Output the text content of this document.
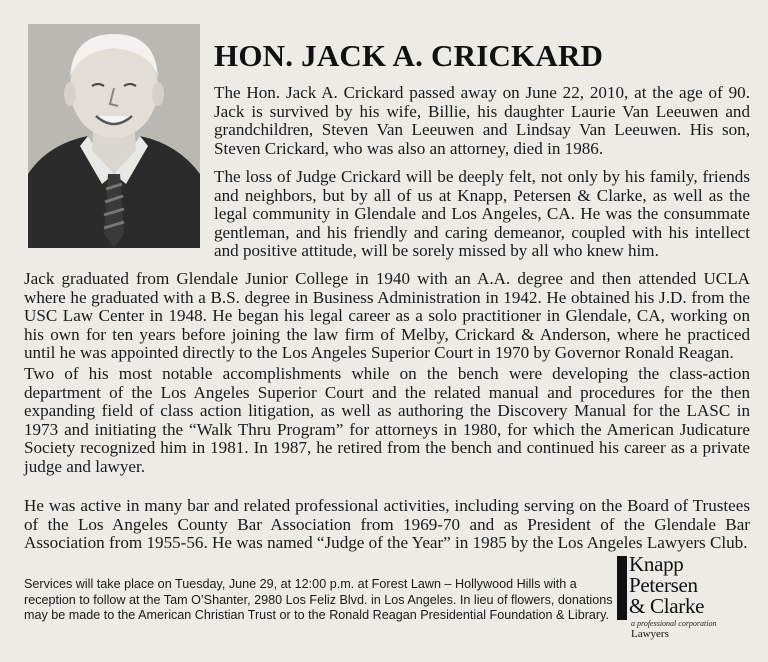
HON. JACK A. CRICKARD

The Hon. Jack A. Crickard passed away on June 22, 2010, at the age of 90. Jack is survived by his wife, Billie, his daughter Laurie Van Leeuwen and grandchildren, Steven Van Leeuwen and Lindsay Van Leeuwen. His son, Steven Crickard, who was also an attorney, died in 1986.

The loss of Judge Crickard will be deeply felt, not only by his family, friends and neighbors, but by all of us at Knapp, Petersen & Clarke, as well as the legal community in Glendale and Los Angeles, CA. He was the consummate gentleman, and his friendly and caring demeanor, coupled with his intellect and positive attitude, will be sorely missed by all who knew him.

Jack graduated from Glendale Junior College in 1940 with an A.A. degree and then attended UCLA where he graduated with a B.S. degree in Business Administration in 1942. He obtained his J.D. from the USC Law Center in 1948. He began his legal career as a solo practitioner in Glendale, CA, working on his own for ten years before joining the law firm of Melby, Crickard & Anderson, where he practiced until he was appointed directly to the Los Angeles Superior Court in 1970 by Governor Ronald Reagan.

Two of his most notable accomplishments while on the bench were developing the class-action department of the Los Angeles Superior Court and the related manual and procedures for the then expanding field of class action litigation, as well as authoring the Discovery Manual for the LASC in 1973 and initiating the “Walk Thru Program” for attorneys in 1980, for which the American Judicature Society recognized him in 1981. In 1987, he retired from the bench and continued his career as a private judge and lawyer.

He was active in many bar and related professional activities, including serving on the Board of Trustees of the Los Angeles County Bar Association from 1969-70 and as President of the Glendale Bar Association from 1955-56. He was named “Judge of the Year” in 1985 by the Los Angeles Lawyers Club.

Services will take place on Tuesday, June 29, at 12:00 p.m. at Forest Lawn – Hollywood Hills with a reception to follow at the Tam O’Shanter, 2980 Los Feliz Blvd. in Los Angeles. In lieu of flowers, donations may be made to the American Christian Trust or to the Ronald Reagan Presidential Foundation & Library.

Knapp
Petersen
& Clarke
a professional corporation
Lawyers
